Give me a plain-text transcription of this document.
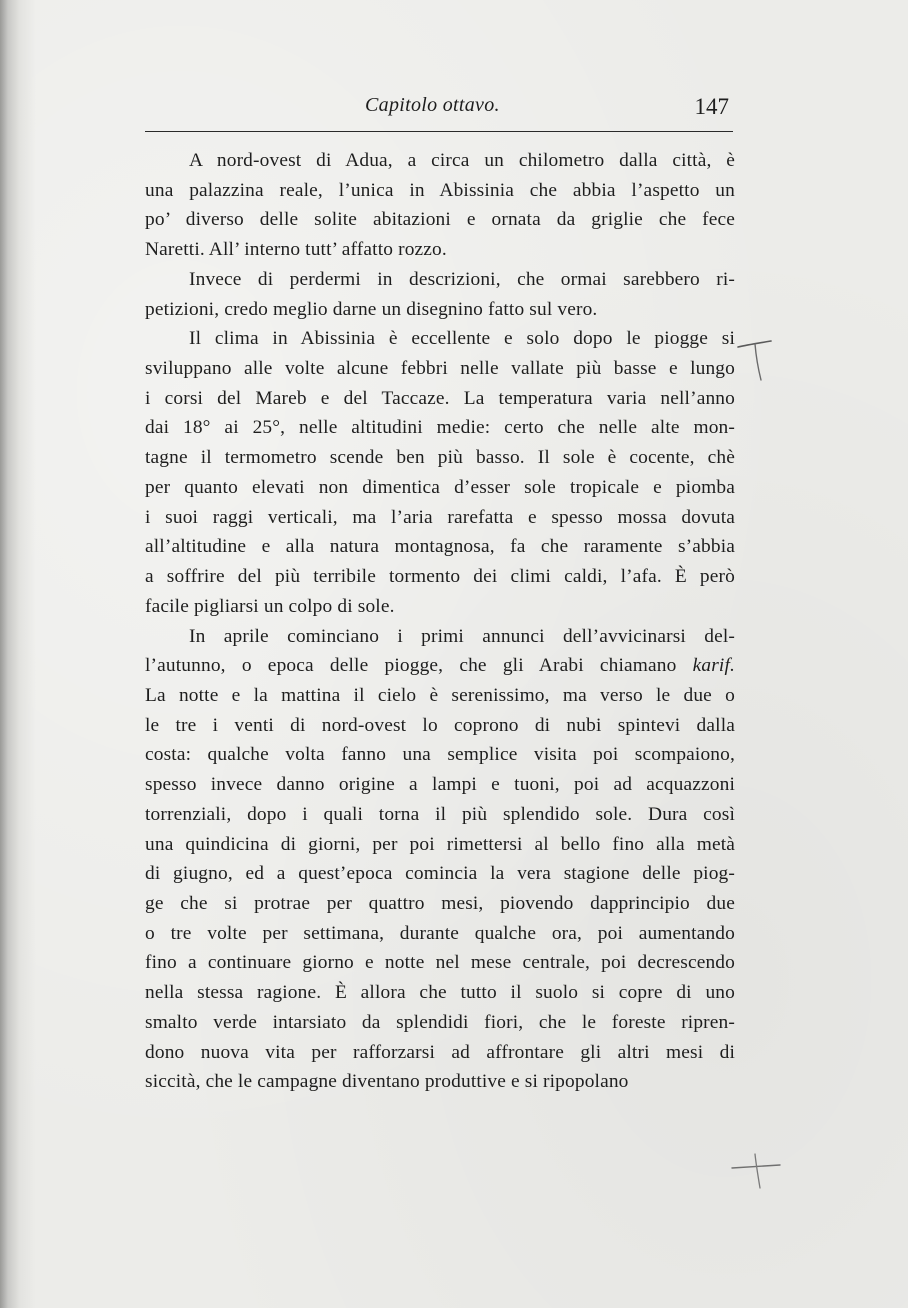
Capitolo ottavo.	147
A nord-ovest di Adua, a circa un chilometro dalla città, è
una palazzina reale, l’unica in Abissinia che abbia l’aspetto un
po’ diverso delle solite abitazioni e ornata da griglie che fece
Naretti. All’ interno tutt’ affatto rozzo.
Invece di perdermi in descrizioni, che ormai sarebbero ri-
petizioni, credo meglio darne un disegnino fatto sul vero.
Il clima in Abissinia è eccellente e solo dopo le piogge si
sviluppano alle volte alcune febbri nelle vallate più basse e lungo
i corsi del Mareb e del Taccaze. La temperatura varia nell’anno
dai 18° ai 25°, nelle altitudini medie: certo che nelle alte mon-
tagne il termometro scende ben più basso. Il sole è cocente, chè
per quanto elevati non dimentica d’esser sole tropicale e piomba
i suoi raggi verticali, ma l’aria rarefatta e spesso mossa dovuta
all’altitudine e alla natura montagnosa, fa che raramente s’abbia
a soffrire del più terribile tormento dei climi caldi, l’afa. È però
facile pigliarsi un colpo di sole.
In aprile cominciano i primi annunci dell’avvicinarsi del-
l’autunno, o epoca delle piogge, che gli Arabi chiamano karif.
La notte e la mattina il cielo è serenissimo, ma verso le due o
le tre i venti di nord-ovest lo coprono di nubi spintevi dalla
costa: qualche volta fanno una semplice visita poi scompaiono,
spesso invece danno origine a lampi e tuoni, poi ad acquazzoni
torrenziali, dopo i quali torna il più splendido sole. Dura così
una quindicina di giorni, per poi rimettersi al bello fino alla metà
di giugno, ed a quest’epoca comincia la vera stagione delle piog-
ge che si protrae per quattro mesi, piovendo dapprincipio due
o tre volte per settimana, durante qualche ora, poi aumentando
fino a continuare giorno e notte nel mese centrale, poi decrescendo
nella stessa ragione. È allora che tutto il suolo si copre di uno
smalto verde intarsiato da splendidi fiori, che le foreste ripren-
dono nuova vita per rafforzarsi ad affrontare gli altri mesi di
siccità, che le campagne diventano produttive e si ripopolano
